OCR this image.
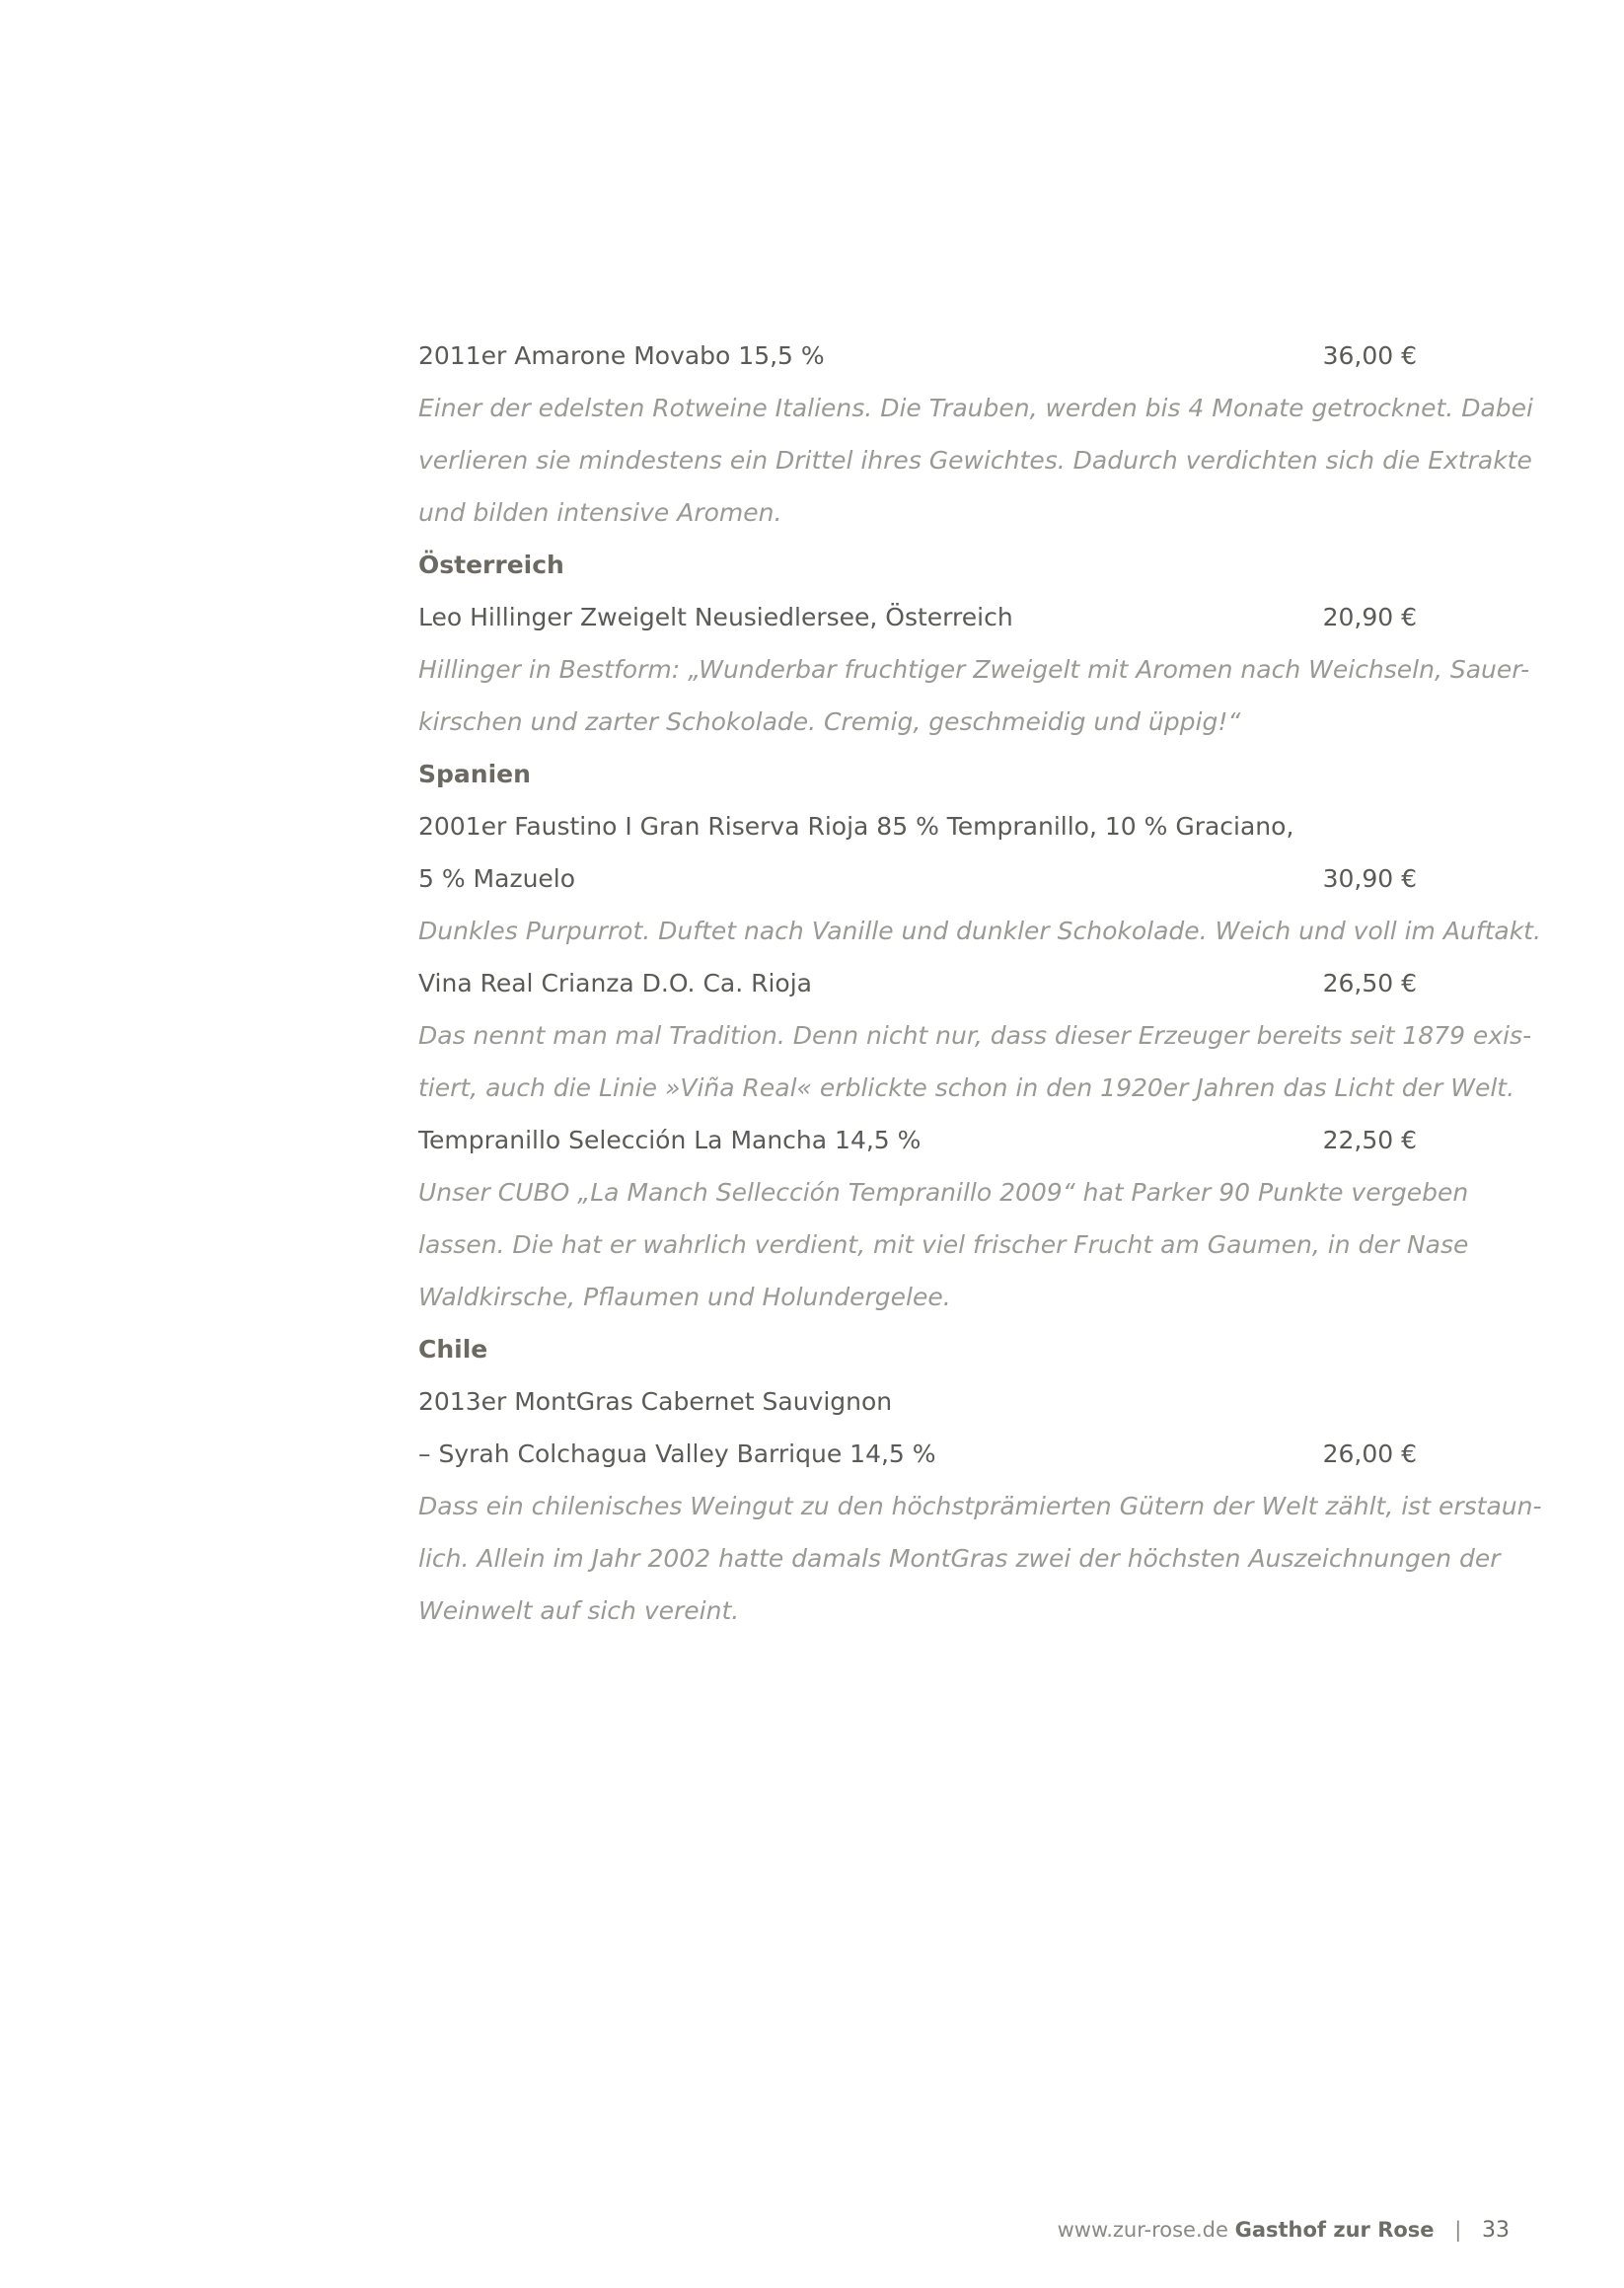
2011er Amarone Movabo 15,5 %	36,00 €
Einer der edelsten Rotweine Italiens. Die Trauben, werden bis 4 Monate getrocknet. Dabei
verlieren sie mindestens ein Drittel ihres Gewichtes. Dadurch verdichten sich die Extrakte
und bilden intensive Aromen.
Österreich
Leo Hillinger Zweigelt Neusiedlersee, Österreich	20,90 €
Hillinger in Bestform: „Wunderbar fruchtiger Zweigelt mit Aromen nach Weichseln, Sauer-
kirschen und zarter Schokolade. Cremig, geschmeidig und üppig!“
Spanien
2001er Faustino I Gran Riserva Rioja 85 % Tempranillo, 10 % Graciano,
5 % Mazuelo	30,90 €
Dunkles Purpurrot. Duftet nach Vanille und dunkler Schokolade. Weich und voll im Auftakt.
Vina Real Crianza D.O. Ca. Rioja	26,50 €
Das nennt man mal Tradition. Denn nicht nur, dass dieser Erzeuger bereits seit 1879 exis-
tiert, auch die Linie »Viña Real« erblickte schon in den 1920er Jahren das Licht der Welt.
Tempranillo Selección La Mancha 14,5 %	22,50 €
Unser CUBO „La Manch Sellección Tempranillo 2009“ hat Parker 90 Punkte vergeben
lassen. Die hat er wahrlich verdient, mit viel frischer Frucht am Gaumen, in der Nase
Waldkirsche, Pflaumen und Holundergelee.
Chile
2013er MontGras Cabernet Sauvignon
– Syrah Colchagua Valley Barrique 14,5 %	26,00 €
Dass ein chilenisches Weingut zu den höchstprämierten Gütern der Welt zählt, ist erstaun-
lich. Allein im Jahr 2002 hatte damals MontGras zwei der höchsten Auszeichnungen der
Weinwelt auf sich vereint.
www.zur-rose.de Gasthof zur Rose | 33
